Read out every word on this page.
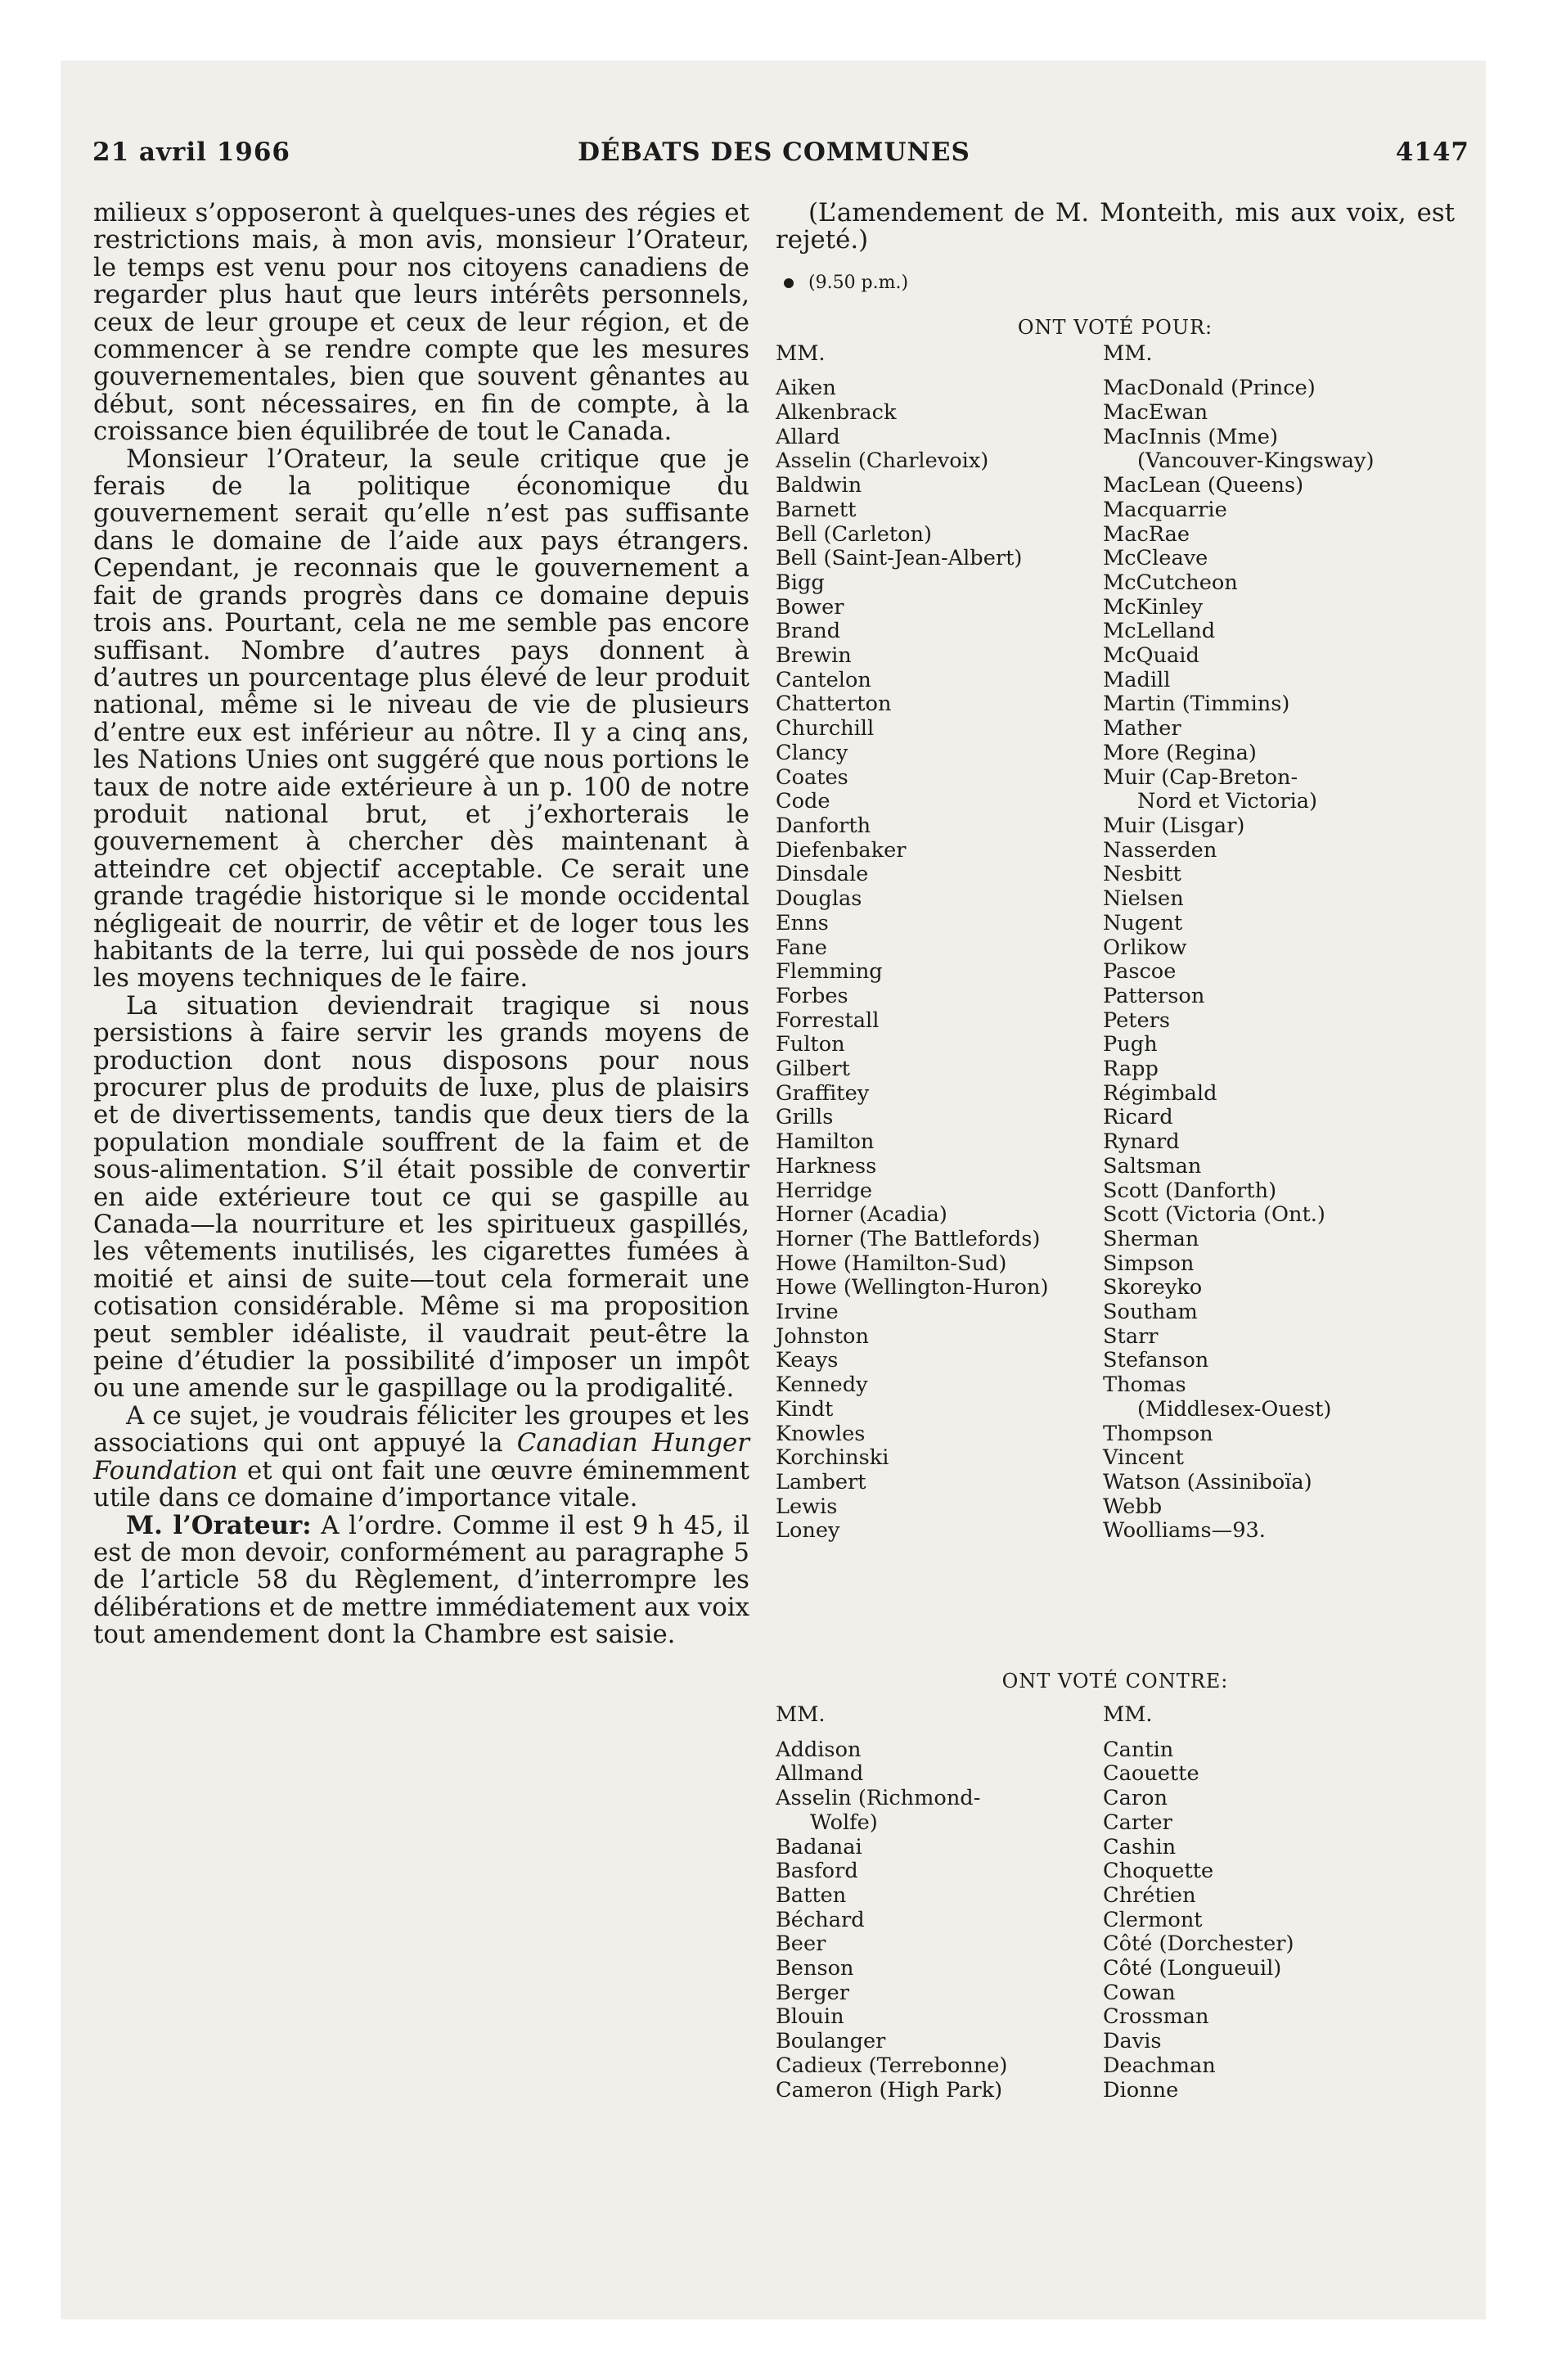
21 avril 1966	DÉBATS DES COMMUNES	4147

milieux s’opposeront à quelques-unes des régies et restrictions mais, à mon avis, monsieur l’Orateur, le temps est venu pour nos citoyens canadiens de regarder plus haut que leurs intérêts personnels, ceux de leur groupe et ceux de leur région, et de commencer à se rendre compte que les mesures gouvernementales, bien que souvent gênantes au début, sont nécessaires, en fin de compte, à la croissance bien équilibrée de tout le Canada.

Monsieur l’Orateur, la seule critique que je ferais de la politique économique du gouvernement serait qu’elle n’est pas suffisante dans le domaine de l’aide aux pays étrangers. Cependant, je reconnais que le gouvernement a fait de grands progrès dans ce domaine depuis trois ans. Pourtant, cela ne me semble pas encore suffisant. Nombre d’autres pays donnent à d’autres un pourcentage plus élevé de leur produit national, même si le niveau de vie de plusieurs d’entre eux est inférieur au nôtre. Il y a cinq ans, les Nations Unies ont suggéré que nous portions le taux de notre aide extérieure à un p. 100 de notre produit national brut, et j’exhorterais le gouvernement à chercher dès maintenant à atteindre cet objectif acceptable. Ce serait une grande tragédie historique si le monde occidental négligeait de nourrir, de vêtir et de loger tous les habitants de la terre, lui qui possède de nos jours les moyens techniques de le faire.

La situation deviendrait tragique si nous persistions à faire servir les grands moyens de production dont nous disposons pour nous procurer plus de produits de luxe, plus de plaisirs et de divertissements, tandis que deux tiers de la population mondiale souffrent de la faim et de sous-alimentation. S’il était possible de convertir en aide extérieure tout ce qui se gaspille au Canada—la nourriture et les spiritueux gaspillés, les vêtements inutilisés, les cigarettes fumées à moitié et ainsi de suite—tout cela formerait une cotisation considérable. Même si ma proposition peut sembler idéaliste, il vaudrait peut-être la peine d’étudier la possibilité d’imposer un impôt ou une amende sur le gaspillage ou la prodigalité.

A ce sujet, je voudrais féliciter les groupes et les associations qui ont appuyé la Canadian Hunger Foundation et qui ont fait une œuvre éminemment utile dans ce domaine d’importance vitale.

M. l’Orateur: A l’ordre. Comme il est 9 h 45, il est de mon devoir, conformément au paragraphe 5 de l’article 58 du Règlement, d’interrompre les délibérations et de mettre immédiatement aux voix tout amendement dont la Chambre est saisie.

(L’amendement de M. Monteith, mis aux voix, est rejeté.)

(9.50 p.m.)
ONT VOTÉ POUR:
MM.
Aiken
Alkenbrack
Allard
Asselin (Charlevoix)
Baldwin
Barnett
Bell (Carleton)
Bell (Saint-Jean-Albert)
Bigg
Bower
Brand
Brewin
Cantelon
Chatterton
Churchill
Clancy
Coates
Code
Danforth
Diefenbaker
Dinsdale
Douglas
Enns
Fane
Flemming
Forbes
Forrestall
Fulton
Gilbert
Graffitey
Grills
Hamilton
Harkness
Herridge
Horner (Acadia)
Horner (The Battlefords)
Howe (Hamilton-Sud)
Howe (Wellington-Huron)
Irvine
Johnston
Keays
Kennedy
Kindt
Knowles
Korchinski
Lambert
Lewis
Loney
MM.
MacDonald (Prince)
MacEwan
MacInnis (Mme)
(Vancouver-Kingsway)
MacLean (Queens)
Macquarrie
MacRae
McCleave
McCutcheon
McKinley
McLelland
McQuaid
Madill
Martin (Timmins)
Mather
More (Regina)
Muir (Cap-Breton-
Nord et Victoria)
Muir (Lisgar)
Nasserden
Nesbitt
Nielsen
Nugent
Orlikow
Pascoe
Patterson
Peters
Pugh
Rapp
Régimbald
Ricard
Rynard
Saltsman
Scott (Danforth)
Scott (Victoria (Ont.)
Sherman
Simpson
Skoreyko
Southam
Starr
Stefanson
Thomas
(Middlesex-Ouest)
Thompson
Vincent
Watson (Assiniboïa)
Webb
Woolliams—93.
ONT VOTÉ CONTRE:
MM.
Addison
Allmand
Asselin (Richmond-
Wolfe)
Badanai
Basford
Batten
Béchard
Beer
Benson
Berger
Blouin
Boulanger
Cadieux (Terrebonne)
Cameron (High Park)
MM.
Cantin
Caouette
Caron
Carter
Cashin
Choquette
Chrétien
Clermont
Côté (Dorchester)
Côté (Longueuil)
Cowan
Crossman
Davis
Deachman
Dionne
